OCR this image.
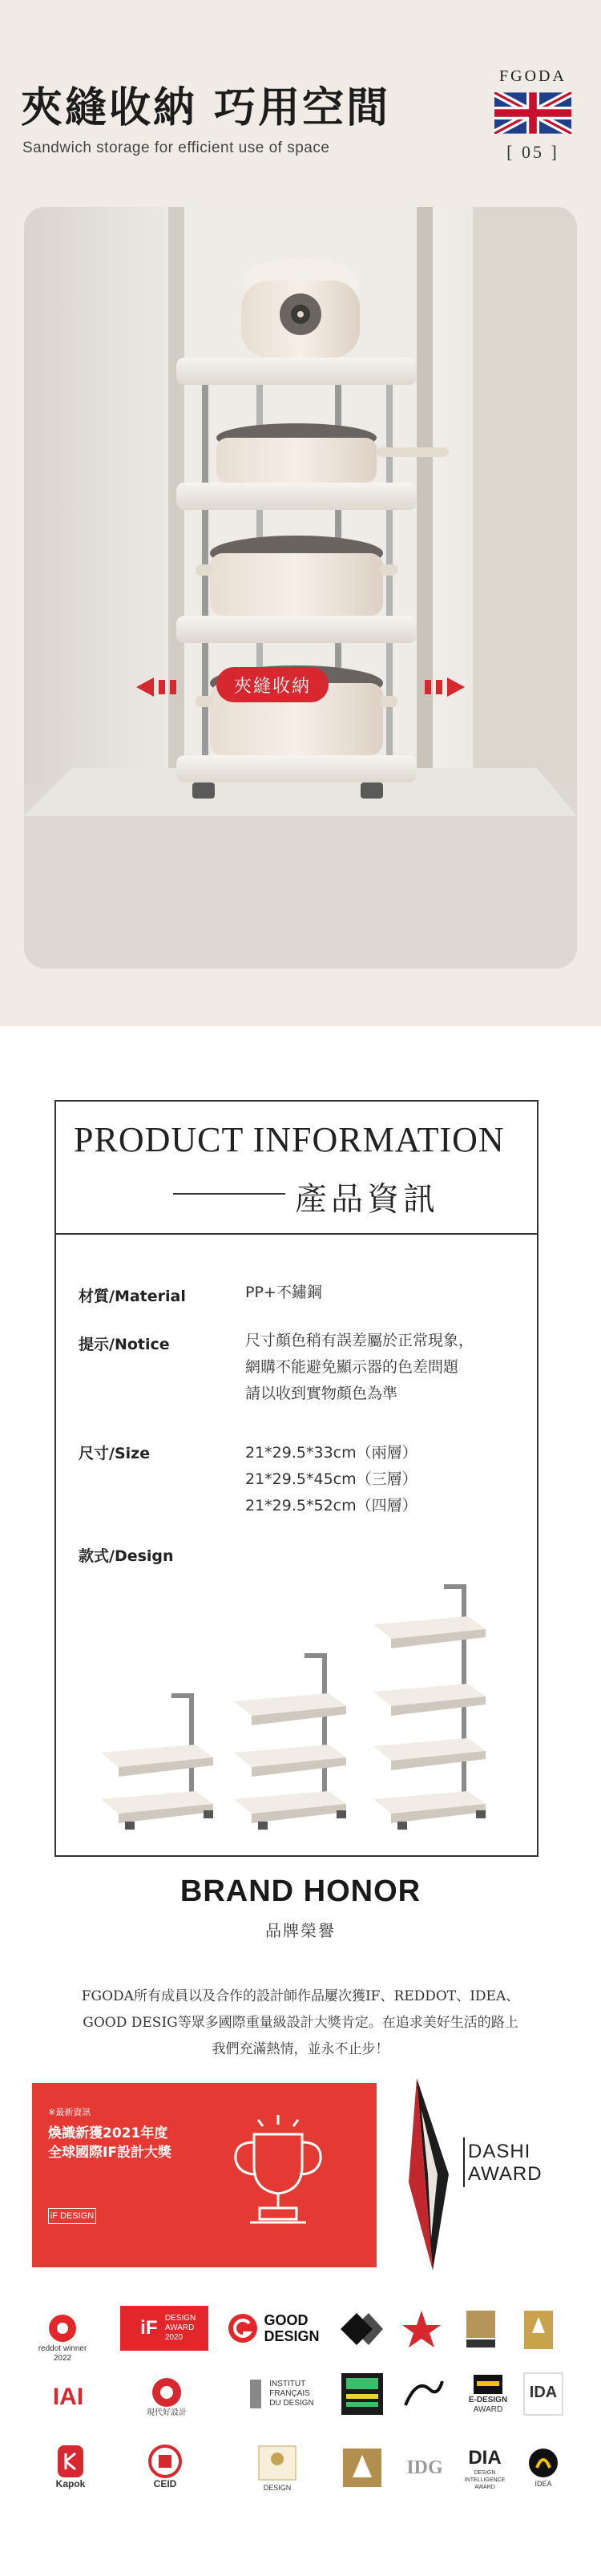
夾縫收納 巧用空間
Sandwich storage for efficient use of space
FGODA
[ 05 ]
夾縫收納
PRODUCT INFORMATION
產品資訊
材質/Material	PP+不鏽鋼
提示/Notice	尺寸顏色稍有誤差屬於正常現象，
網購不能避免顯示器的色差問題
請以收到實物顏色為準
尺寸/Size	21*29.5*33cm（兩層）
21*29.5*45cm（三層）
21*29.5*52cm（四層）
款式/Design
BRAND HONOR
品牌榮譽
FGODA所有成員以及合作的設計師作品屢次獲IF、REDDOT、IDEA、
GOOD DESIG等眾多國際重量級設計大獎肯定。在追求美好生活的路上
我們充滿熱情，並永不止步！
※最新資訊
煥識新獲2021年度
全球國際IF設計大獎
iF DESIGN
DASHI
AWARD
reddot winner 2022
iF DESIGN
AWARD
2020
GOOD
DESIGN
IAI
現代好設計
INSTITUT
FRANÇAIS
DU DESIGN	E-DESIGN
AWARD
IDA
Kapok	CEID	DESIGN
IDG DIA
DESIGN INTELLIGENCE AWARD	IDEA
